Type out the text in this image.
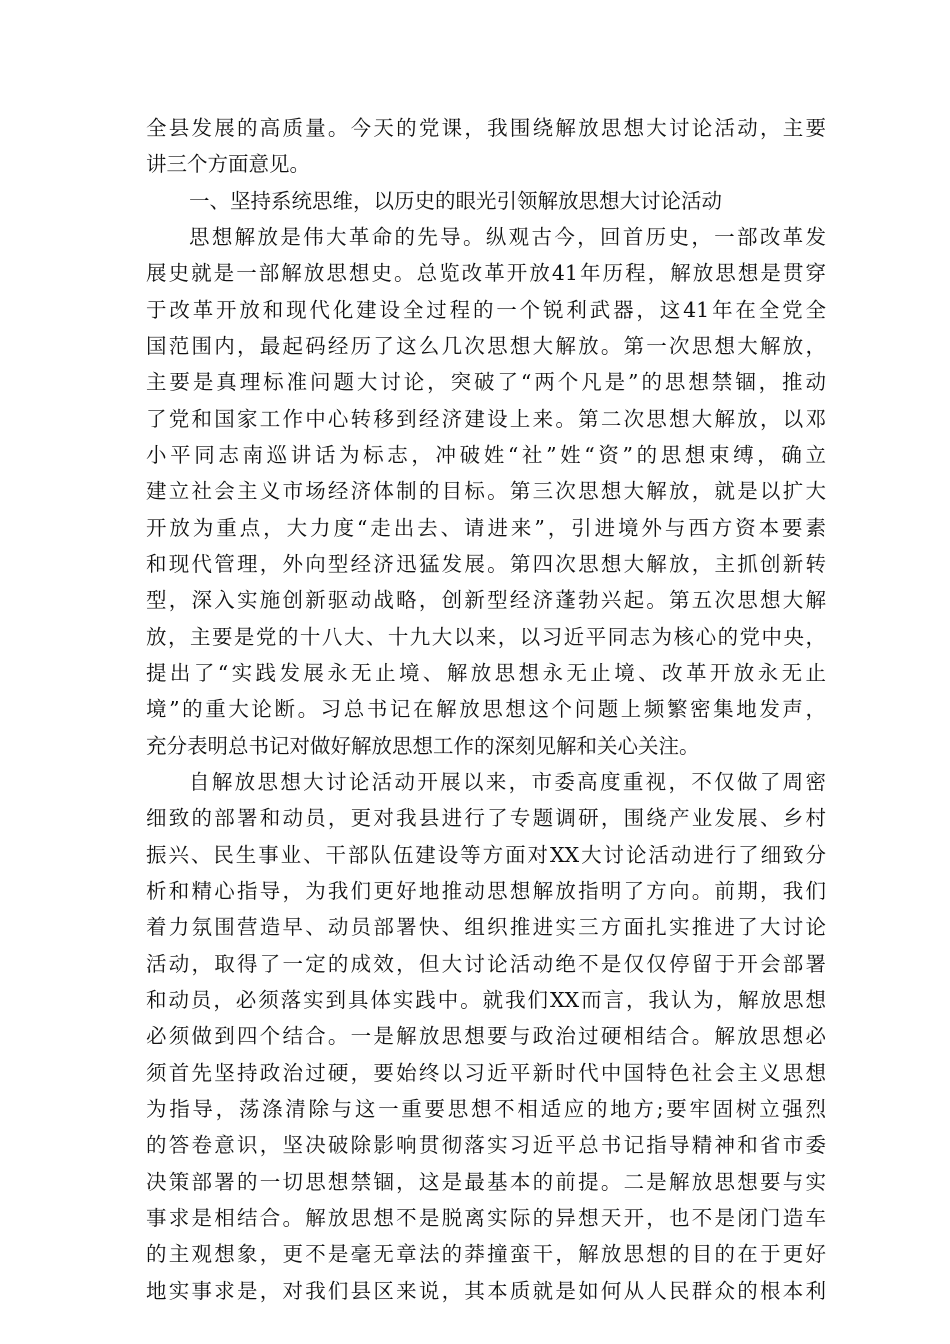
全县发展的高质量。今天的党课，我围绕解放思想大讨论活动，主要
讲三个方面意见。
一、坚持系统思维，以历史的眼光引领解放思想大讨论活动
思想解放是伟大革命的先导。纵观古今，回首历史，一部改革发
展史就是一部解放思想史。总览改革开放41年历程，解放思想是贯穿
于改革开放和现代化建设全过程的一个锐利武器，这41年在全党全
国范围内，最起码经历了这么几次思想大解放。第一次思想大解放，
主要是真理标准问题大讨论，突破了“两个凡是”的思想禁锢，推动
了党和国家工作中心转移到经济建设上来。第二次思想大解放，以邓
小平同志南巡讲话为标志，冲破姓“社”姓“资”的思想束缚，确立
建立社会主义市场经济体制的目标。第三次思想大解放，就是以扩大
开放为重点，大力度“走出去、请进来”，引进境外与西方资本要素
和现代管理，外向型经济迅猛发展。第四次思想大解放，主抓创新转
型，深入实施创新驱动战略，创新型经济蓬勃兴起。第五次思想大解
放，主要是党的十八大、十九大以来，以习近平同志为核心的党中央，
提出了“实践发展永无止境、解放思想永无止境、改革开放永无止
境”的重大论断。习总书记在解放思想这个问题上频繁密集地发声，
充分表明总书记对做好解放思想工作的深刻见解和关心关注。
自解放思想大讨论活动开展以来，市委高度重视，不仅做了周密
细致的部署和动员，更对我县进行了专题调研，围绕产业发展、乡村
振兴、民生事业、干部队伍建设等方面对XX大讨论活动进行了细致分
析和精心指导，为我们更好地推动思想解放指明了方向。前期，我们
着力氛围营造早、动员部署快、组织推进实三方面扎实推进了大讨论
活动，取得了一定的成效，但大讨论活动绝不是仅仅停留于开会部署
和动员，必须落实到具体实践中。就我们XX而言，我认为，解放思想
必须做到四个结合。一是解放思想要与政治过硬相结合。解放思想必
须首先坚持政治过硬，要始终以习近平新时代中国特色社会主义思想
为指导，荡涤清除与这一重要思想不相适应的地方;要牢固树立强烈
的答卷意识，坚决破除影响贯彻落实习近平总书记指导精神和省市委
决策部署的一切思想禁锢，这是最基本的前提。二是解放思想要与实
事求是相结合。解放思想不是脱离实际的异想天开，也不是闭门造车
的主观想象，更不是毫无章法的莽撞蛮干，解放思想的目的在于更好
地实事求是，对我们县区来说，其本质就是如何从人民群众的根本利
